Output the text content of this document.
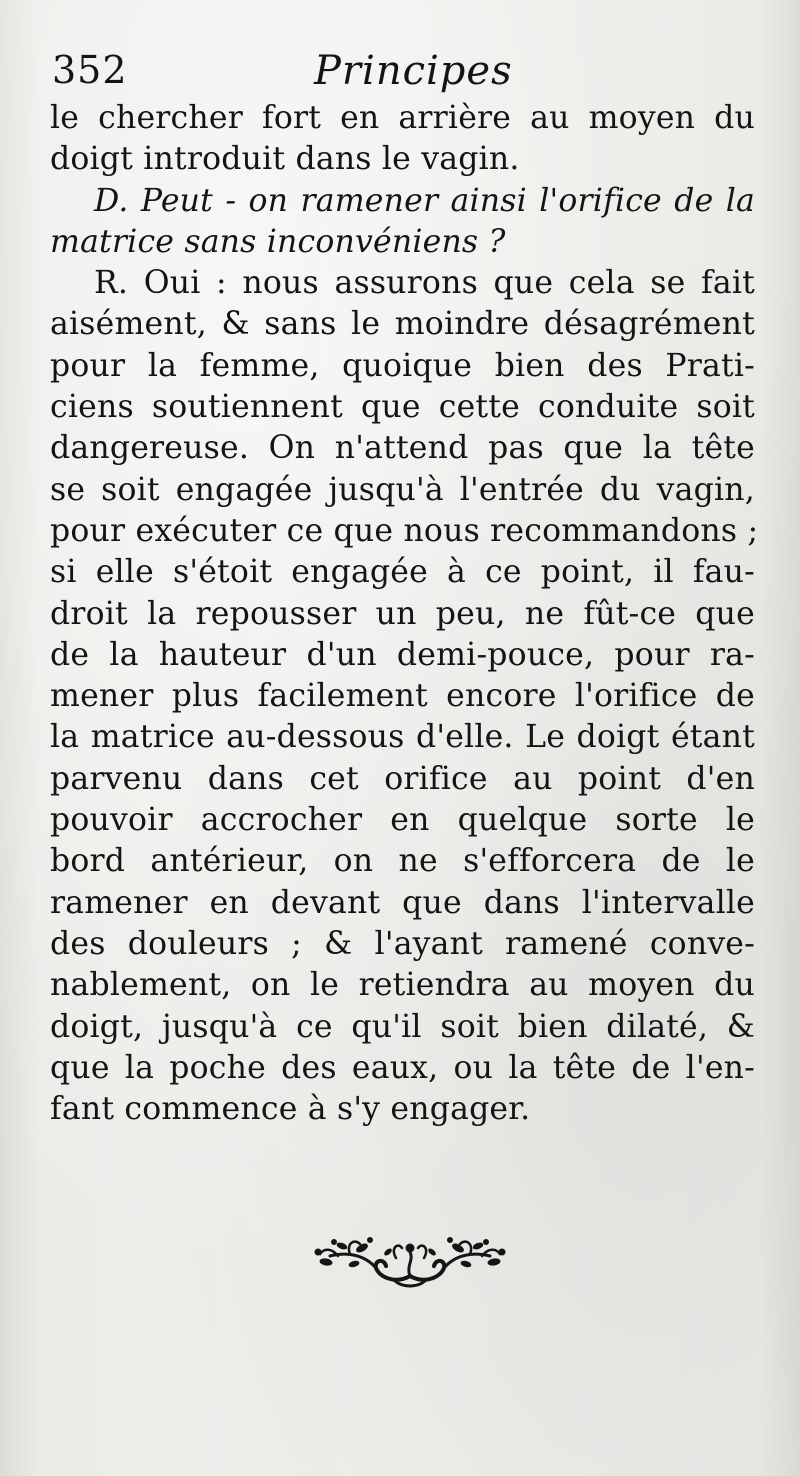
352	Principes
le chercher fort en arrière au moyen du
doigt introduit dans le vagin.
D. Peut - on ramener ainsi l'orifice de la
matrice sans inconvéniens ?
R. Oui : nous assurons que cela se fait
aisément, & sans le moindre désagrément
pour la femme, quoique bien des Prati-
ciens soutiennent que cette conduite soit
dangereuse. On n'attend pas que la tête
se soit engagée jusqu'à l'entrée du vagin,
pour exécuter ce que nous recommandons ;
si elle s'étoit engagée à ce point, il fau-
droit la repousser un peu, ne fût-ce que
de la hauteur d'un demi-pouce, pour ra-
mener plus facilement encore l'orifice de
la matrice au-dessous d'elle. Le doigt étant
parvenu dans cet orifice au point d'en
pouvoir accrocher en quelque sorte le
bord antérieur, on ne s'efforcera de le
ramener en devant que dans l'intervalle
des douleurs ; & l'ayant ramené conve-
nablement, on le retiendra au moyen du
doigt, jusqu'à ce qu'il soit bien dilaté, &
que la poche des eaux, ou la tête de l'en-
fant commence à s'y engager.
